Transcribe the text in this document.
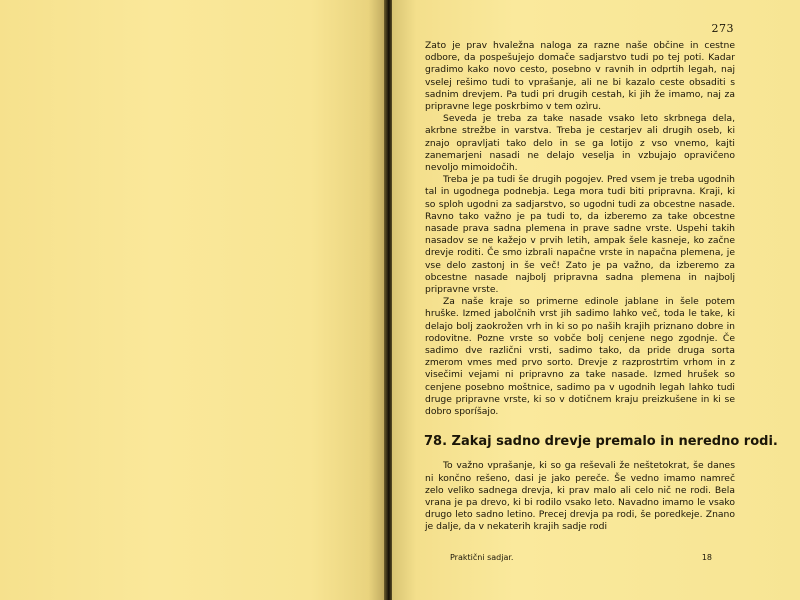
273

Zato je prav hvaležna naloga za razne naše občine in cestne odbore, da pospešujejo domače sadjarstvo tudi po tej poti. Kadar gradimo kako novo cesto, posebno v ravnih in odprtih legah, naj vselej rešimo tudi to vprašanje, ali ne bi kazalo ceste obsaditi s sadnim drevjem. Pa tudi pri drugih cestah, ki jih že imamo, naj za pripravne lege poskrbimo v tem ozìru.

Seveda je treba za take nasade vsako leto skrbnega dela, akrbne strežbe in varstva. Treba je cestarjev ali drugih oseb, ki znajo opravljati tako delo in se ga lotijo z vso vnemo, kajti zanemarjeni nasadi ne delajo veselja in vzbujajo opravičeno nevoljo mimoidočih.

Treba je pa tudi še drugih pogojev. Pred vsem je treba ugodnih tal in ugodnega podnebja. Lega mora tudi biti pripravna. Kraji, ki so sploh ugodni za sadjarstvo, so ugodni tudi za obcestne nasade. Ravno tako važno je pa tudi to, da izberemo za take obcestne nasade prava sadna plemena in prave sadne vrste. Uspehi takih nasadov se ne kažejo v prvih letih, ampak šele kasneje, ko začne drevje roditi. Če smo izbrali napačne vrste in napačna plemena, je vse delo zastonj in še več! Zato je pa važno, da izberemo za obcestne nasade najbolj pripravna sadna plemena in najbolj pripravne vrste.

Za naše kraje so primerne edinole jablane in šele potem hruške. Izmed jabolčnih vrst jih sadimo lahko več, toda le take, ki delajo bolj zaokrožen vrh in ki so po naših krajih priznano dobre in rodovitne. Pozne vrste so vobče bolj cenjene nego zgodnje. Če sadimo dve različni vrsti, sadimo tako, da pride druga sorta zmerom vmes med prvo sorto. Drevje z razprostrtim vrhom in z visečimi vejami ni pripravno za take nasade. Izmed hrušek so cenjene posebno moštnice, sadimo pa v ugodnih legah lahko tudi druge pripravne vrste, ki so v dotičnem kraju preizkušene in ki se dobro sporíšajo.

78. Zakaj sadno drevje premalo in neredno rodi.

To važno vprašanje, ki so ga reševali že neštetokrat, še danes ni končno rešeno, dasi je jako pereče. Še vedno imamo namreč zelo veliko sadnega drevja, ki prav malo ali celo nič ne rodi. Bela vrana je pa drevo, ki bi rodilo vsako leto. Navadno imamo le vsako drugo leto sadno letino. Precej drevja pa rodi, še poredkeje. Znano je dalje, da v nekaterih krajih sadje rodi

Praktični sadjar.	18
